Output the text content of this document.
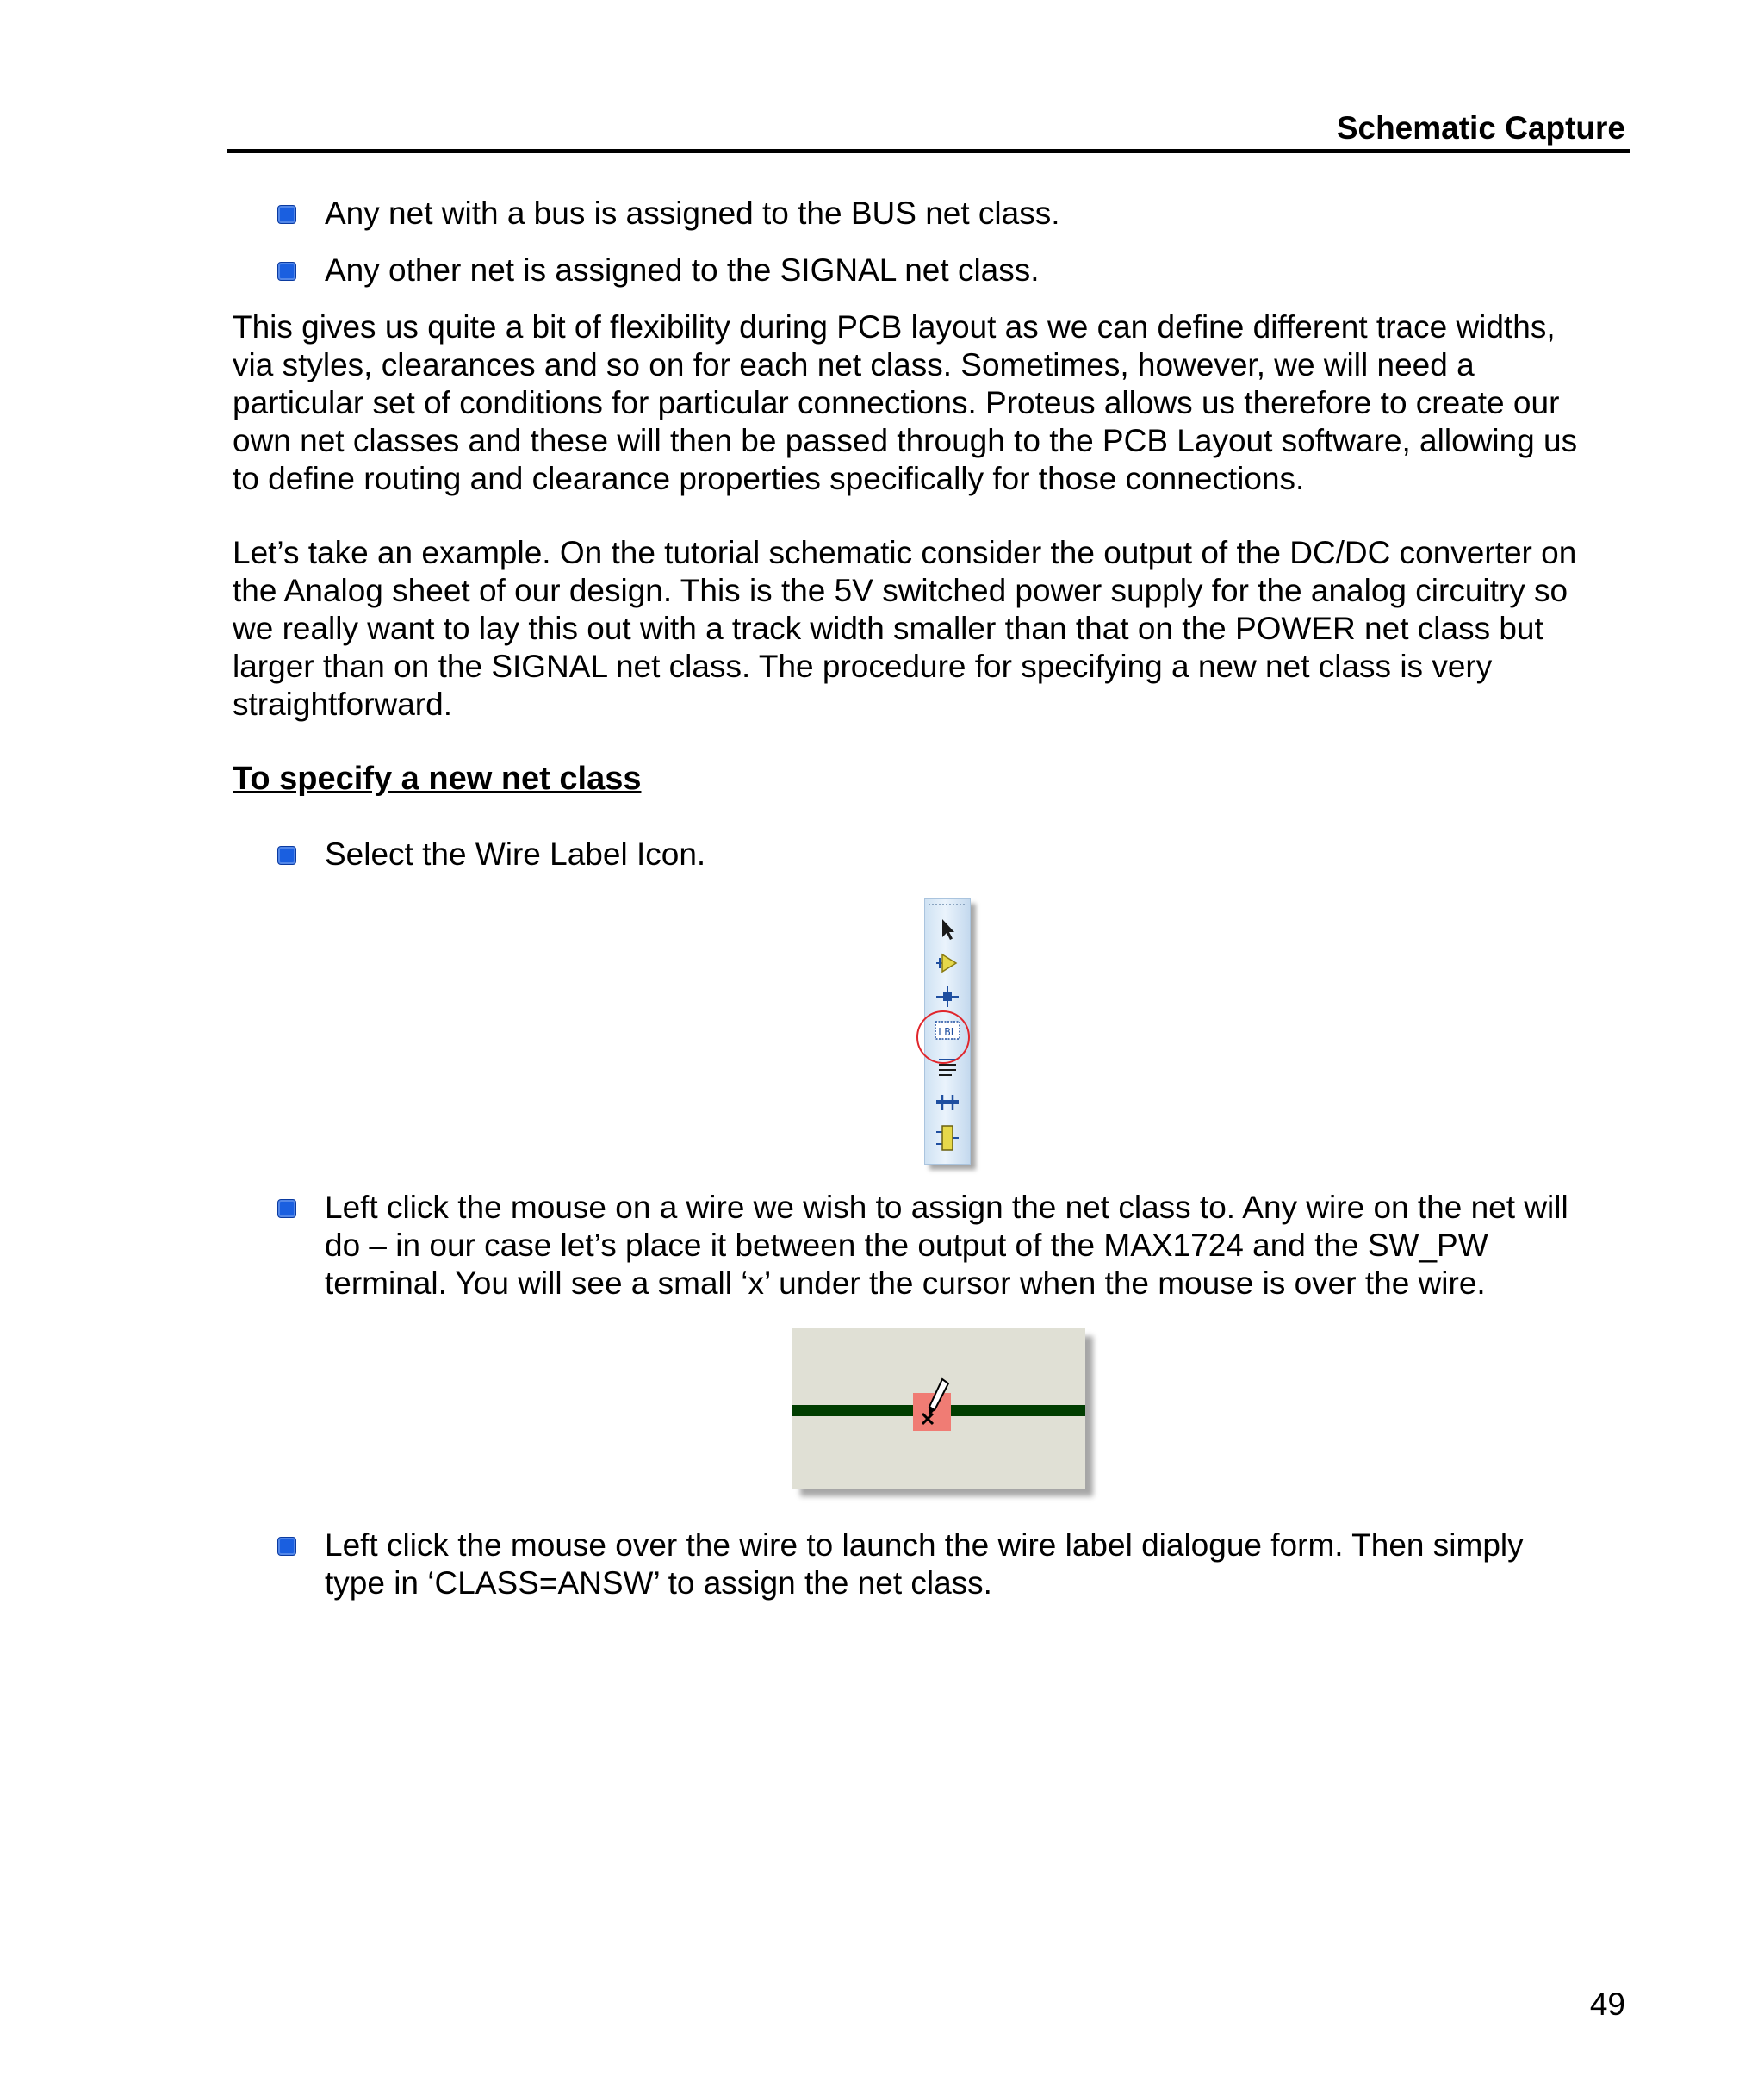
Schematic Capture
Any net with a bus is assigned to the BUS net class.
Any other net is assigned to the SIGNAL net class.
This gives us quite a bit of flexibility during PCB layout as we can define different trace widths,
via styles, clearances and so on for each net class. Sometimes, however, we will need a
particular set of conditions for particular connections. Proteus allows us therefore to create our
own net classes and these will then be passed through to the PCB Layout software, allowing us
to define routing and clearance properties specifically for those connections.
Let’s take an example. On the tutorial schematic consider the output of the DC/DC converter on
the Analog sheet of our design. This is the 5V switched power supply for the analog circuitry so
we really want to lay this out with a track width smaller than that on the POWER net class but
larger than on the SIGNAL net class. The procedure for specifying a new net class is very
straightforward.
To specify a new net class
Select the Wire Label Icon.
LBL
Left click the mouse on a wire we wish to assign the net class to. Any wire on the net will
do – in our case let’s place it between the output of the MAX1724 and the SW_PW
terminal. You will see a small ‘x’ under the cursor when the mouse is over the wire.
Left click the mouse over the wire to launch the wire label dialogue form. Then simply
type in ‘CLASS=ANSW’ to assign the net class.
49
